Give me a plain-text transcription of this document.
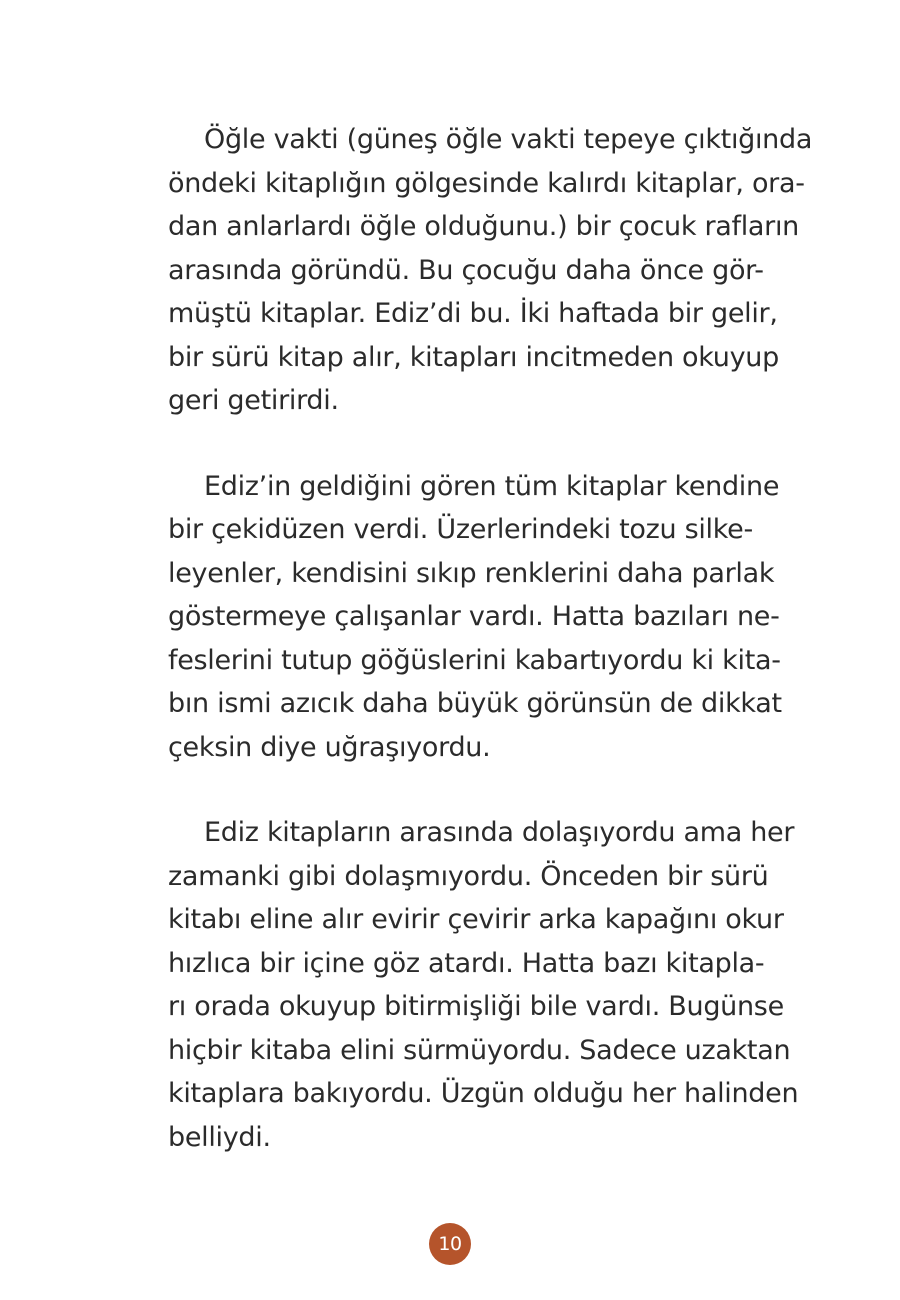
Öğle vakti (güneş öğle vakti tepeye çıktığında
öndeki kitaplığın gölgesinde kalırdı kitaplar, ora-
dan anlarlardı öğle olduğunu.) bir çocuk rafların
arasında göründü. Bu çocuğu daha önce gör-
müştü kitaplar. Ediz’di bu. İki haftada bir gelir,
bir sürü kitap alır, kitapları incitmeden okuyup
geri getirirdi.
Ediz’in geldiğini gören tüm kitaplar kendine
bir çekidüzen verdi. Üzerlerindeki tozu silke-
leyenler, kendisini sıkıp renklerini daha parlak
göstermeye çalışanlar vardı. Hatta bazıları ne-
feslerini tutup göğüslerini kabartıyordu ki kita-
bın ismi azıcık daha büyük görünsün de dikkat
çeksin diye uğraşıyordu.
Ediz kitapların arasında dolaşıyordu ama her
zamanki gibi dolaşmıyordu. Önceden bir sürü
kitabı eline alır evirir çevirir arka kapağını okur
hızlıca bir içine göz atardı. Hatta bazı kitapla-
rı orada okuyup bitirmişliği bile vardı. Bugünse
hiçbir kitaba elini sürmüyordu. Sadece uzaktan
kitaplara bakıyordu. Üzgün olduğu her halinden
belliydi.
10
